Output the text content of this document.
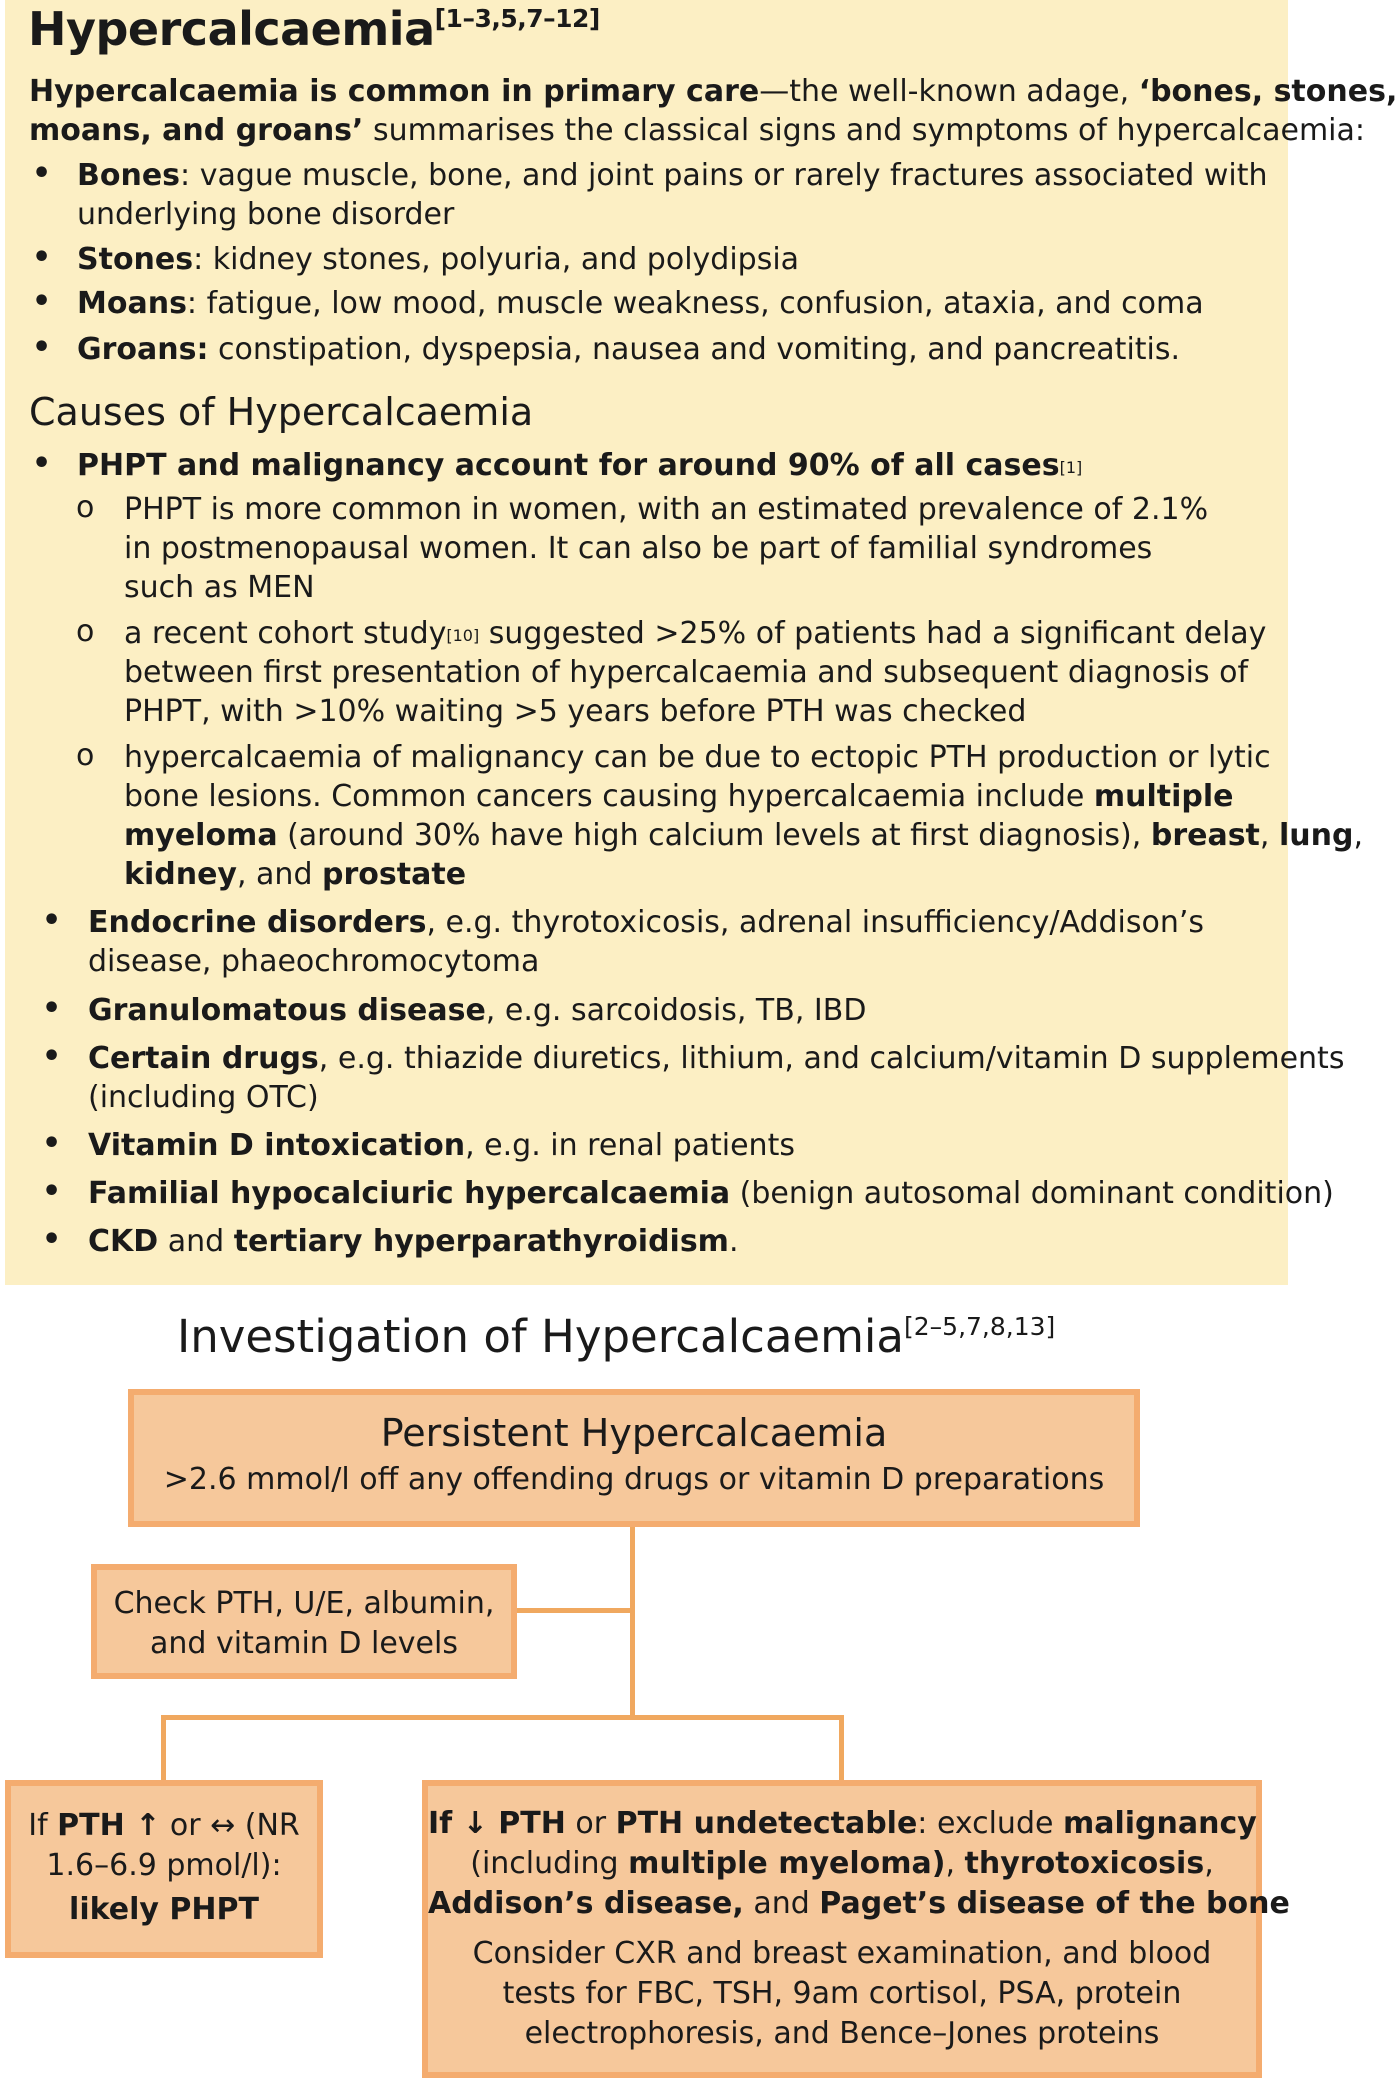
Hypercalcaemia[1–3,5,7–12]
Hypercalcaemia is common in primary care—the well-known adage, ‘bones, stones,
moans, and groans’ summarises the classical signs and symptoms of hypercalcaemia:
• Bones: vague muscle, bone, and joint pains or rarely fractures associated with
underlying bone disorder
• Stones: kidney stones, polyuria, and polydipsia
• Moans: fatigue, low mood, muscle weakness, confusion, ataxia, and coma
• Groans: constipation, dyspepsia, nausea and vomiting, and pancreatitis.
Causes of Hypercalcaemia
• PHPT and malignancy account for around 90% of all cases[1]
o PHPT is more common in women, with an estimated prevalence of 2.1%
in postmenopausal women. It can also be part of familial syndromes
such as MEN
o a recent cohort study[10] suggested >25% of patients had a significant delay
between first presentation of hypercalcaemia and subsequent diagnosis of
PHPT, with >10% waiting >5 years before PTH was checked
o hypercalcaemia of malignancy can be due to ectopic PTH production or lytic
bone lesions. Common cancers causing hypercalcaemia include multiple
myeloma (around 30% have high calcium levels at first diagnosis), breast, lung,
kidney, and prostate
• Endocrine disorders, e.g. thyrotoxicosis, adrenal insufficiency/Addison’s
disease, phaeochromocytoma
• Granulomatous disease, e.g. sarcoidosis, TB, IBD
• Certain drugs, e.g. thiazide diuretics, lithium, and calcium/vitamin D supplements
(including OTC)
• Vitamin D intoxication, e.g. in renal patients
• Familial hypocalciuric hypercalcaemia (benign autosomal dominant condition)
• CKD and tertiary hyperparathyroidism.
Investigation of Hypercalcaemia[2–5,7,8,13]
Persistent Hypercalcaemia
>2.6 mmol/l off any offending drugs or vitamin D preparations
Check PTH, U/E, albumin,
and vitamin D levels
If PTH ↑ or ↔ (NR
1.6–6.9 pmol/l):
likely PHPT
If ↓ PTH or PTH undetectable: exclude malignancy
(including multiple myeloma), thyrotoxicosis,
Addison’s disease, and Paget’s disease of the bone
Consider CXR and breast examination, and blood
tests for FBC, TSH, 9am cortisol, PSA, protein
electrophoresis, and Bence–Jones proteins
